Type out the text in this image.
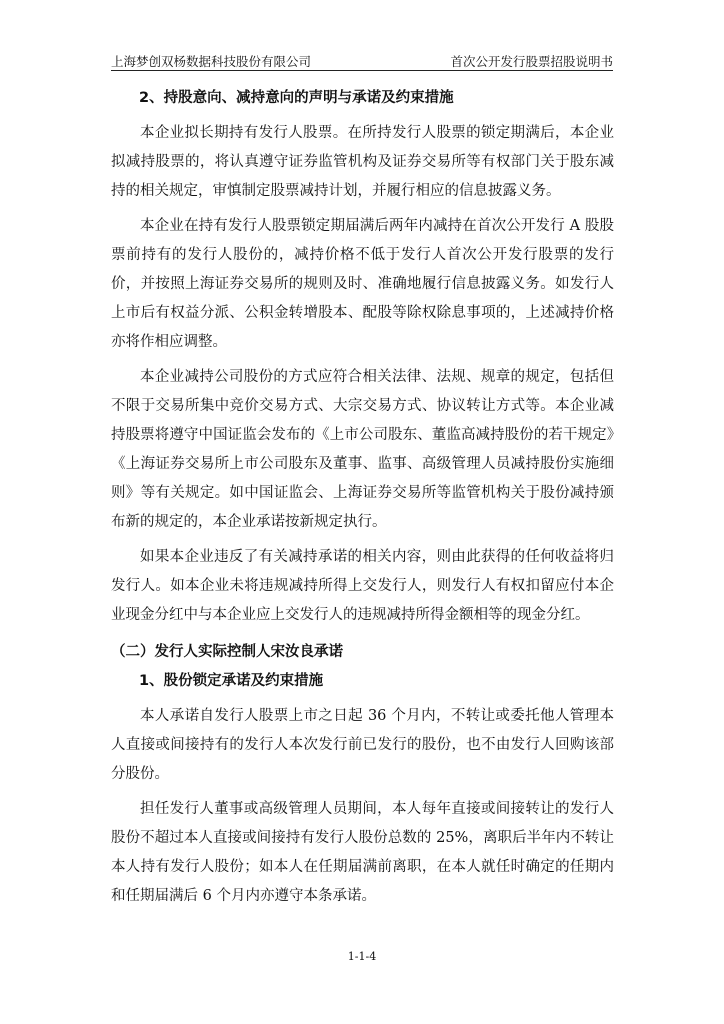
上海梦创双杨数据科技股份有限公司	首次公开发行股票招股说明书

2、持股意向、减持意向的声明与承诺及约束措施

本企业拟长期持有发行人股票。在所持发行人股票的锁定期满后，本企业拟减持股票的，将认真遵守证券监管机构及证券交易所等有权部门关于股东减持的相关规定，审慎制定股票减持计划，并履行相应的信息披露义务。

本企业在持有发行人股票锁定期届满后两年内减持在首次公开发行 A 股股票前持有的发行人股份的，减持价格不低于发行人首次公开发行股票的发行价，并按照上海证券交易所的规则及时、准确地履行信息披露义务。如发行人上市后有权益分派、公积金转增股本、配股等除权除息事项的，上述减持价格亦将作相应调整。

本企业减持公司股份的方式应符合相关法律、法规、规章的规定，包括但不限于交易所集中竞价交易方式、大宗交易方式、协议转让方式等。本企业减持股票将遵守中国证监会发布的《上市公司股东、董监高减持股份的若干规定》《上海证券交易所上市公司股东及董事、监事、高级管理人员减持股份实施细则》等有关规定。如中国证监会、上海证券交易所等监管机构关于股份减持颁布新的规定的，本企业承诺按新规定执行。

如果本企业违反了有关减持承诺的相关内容，则由此获得的任何收益将归发行人。如本企业未将违规减持所得上交发行人，则发行人有权扣留应付本企业现金分红中与本企业应上交发行人的违规减持所得金额相等的现金分红。

（二）发行人实际控制人宋汝良承诺

1、股份锁定承诺及约束措施

本人承诺自发行人股票上市之日起 36 个月内，不转让或委托他人管理本人直接或间接持有的发行人本次发行前已发行的股份，也不由发行人回购该部分股份。

担任发行人董事或高级管理人员期间，本人每年直接或间接转让的发行人股份不超过本人直接或间接持有发行人股份总数的 25%，离职后半年内不转让本人持有发行人股份；如本人在任期届满前离职，在本人就任时确定的任期内和任期届满后 6 个月内亦遵守本条承诺。

1-1-4
